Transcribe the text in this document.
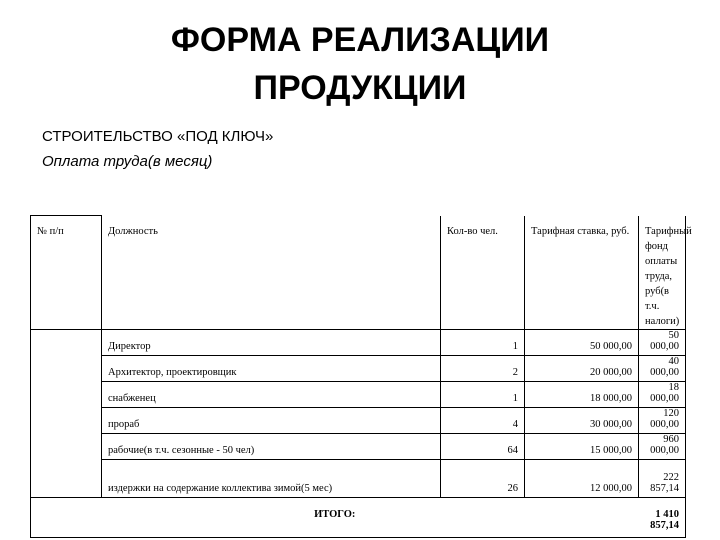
ФОРМА РЕАЛИЗАЦИИ
ПРОДУКЦИИ
СТРОИТЕЛЬСТВО «ПОД КЛЮЧ»
Оплата труда(в месяц)
№ п/п	Должность	Кол-во чел.	Тарифная ставка, руб.	Тарифный фонд оплаты труда, руб(в т.ч. налоги)
	Директор	1	50 000,00	50 000,00
	Архитектор, проектировщик	2	20 000,00	40 000,00
	снабженец	1	18 000,00	18 000,00
	прораб	4	30 000,00	120 000,00
	рабочие(в т.ч. сезонные - 50 чел)	64	15 000,00	960 000,00
	издержки на содержание коллектива зимой(5 мес)	26	12 000,00	222 857,14
ИТОГО:				1 410 857,14
